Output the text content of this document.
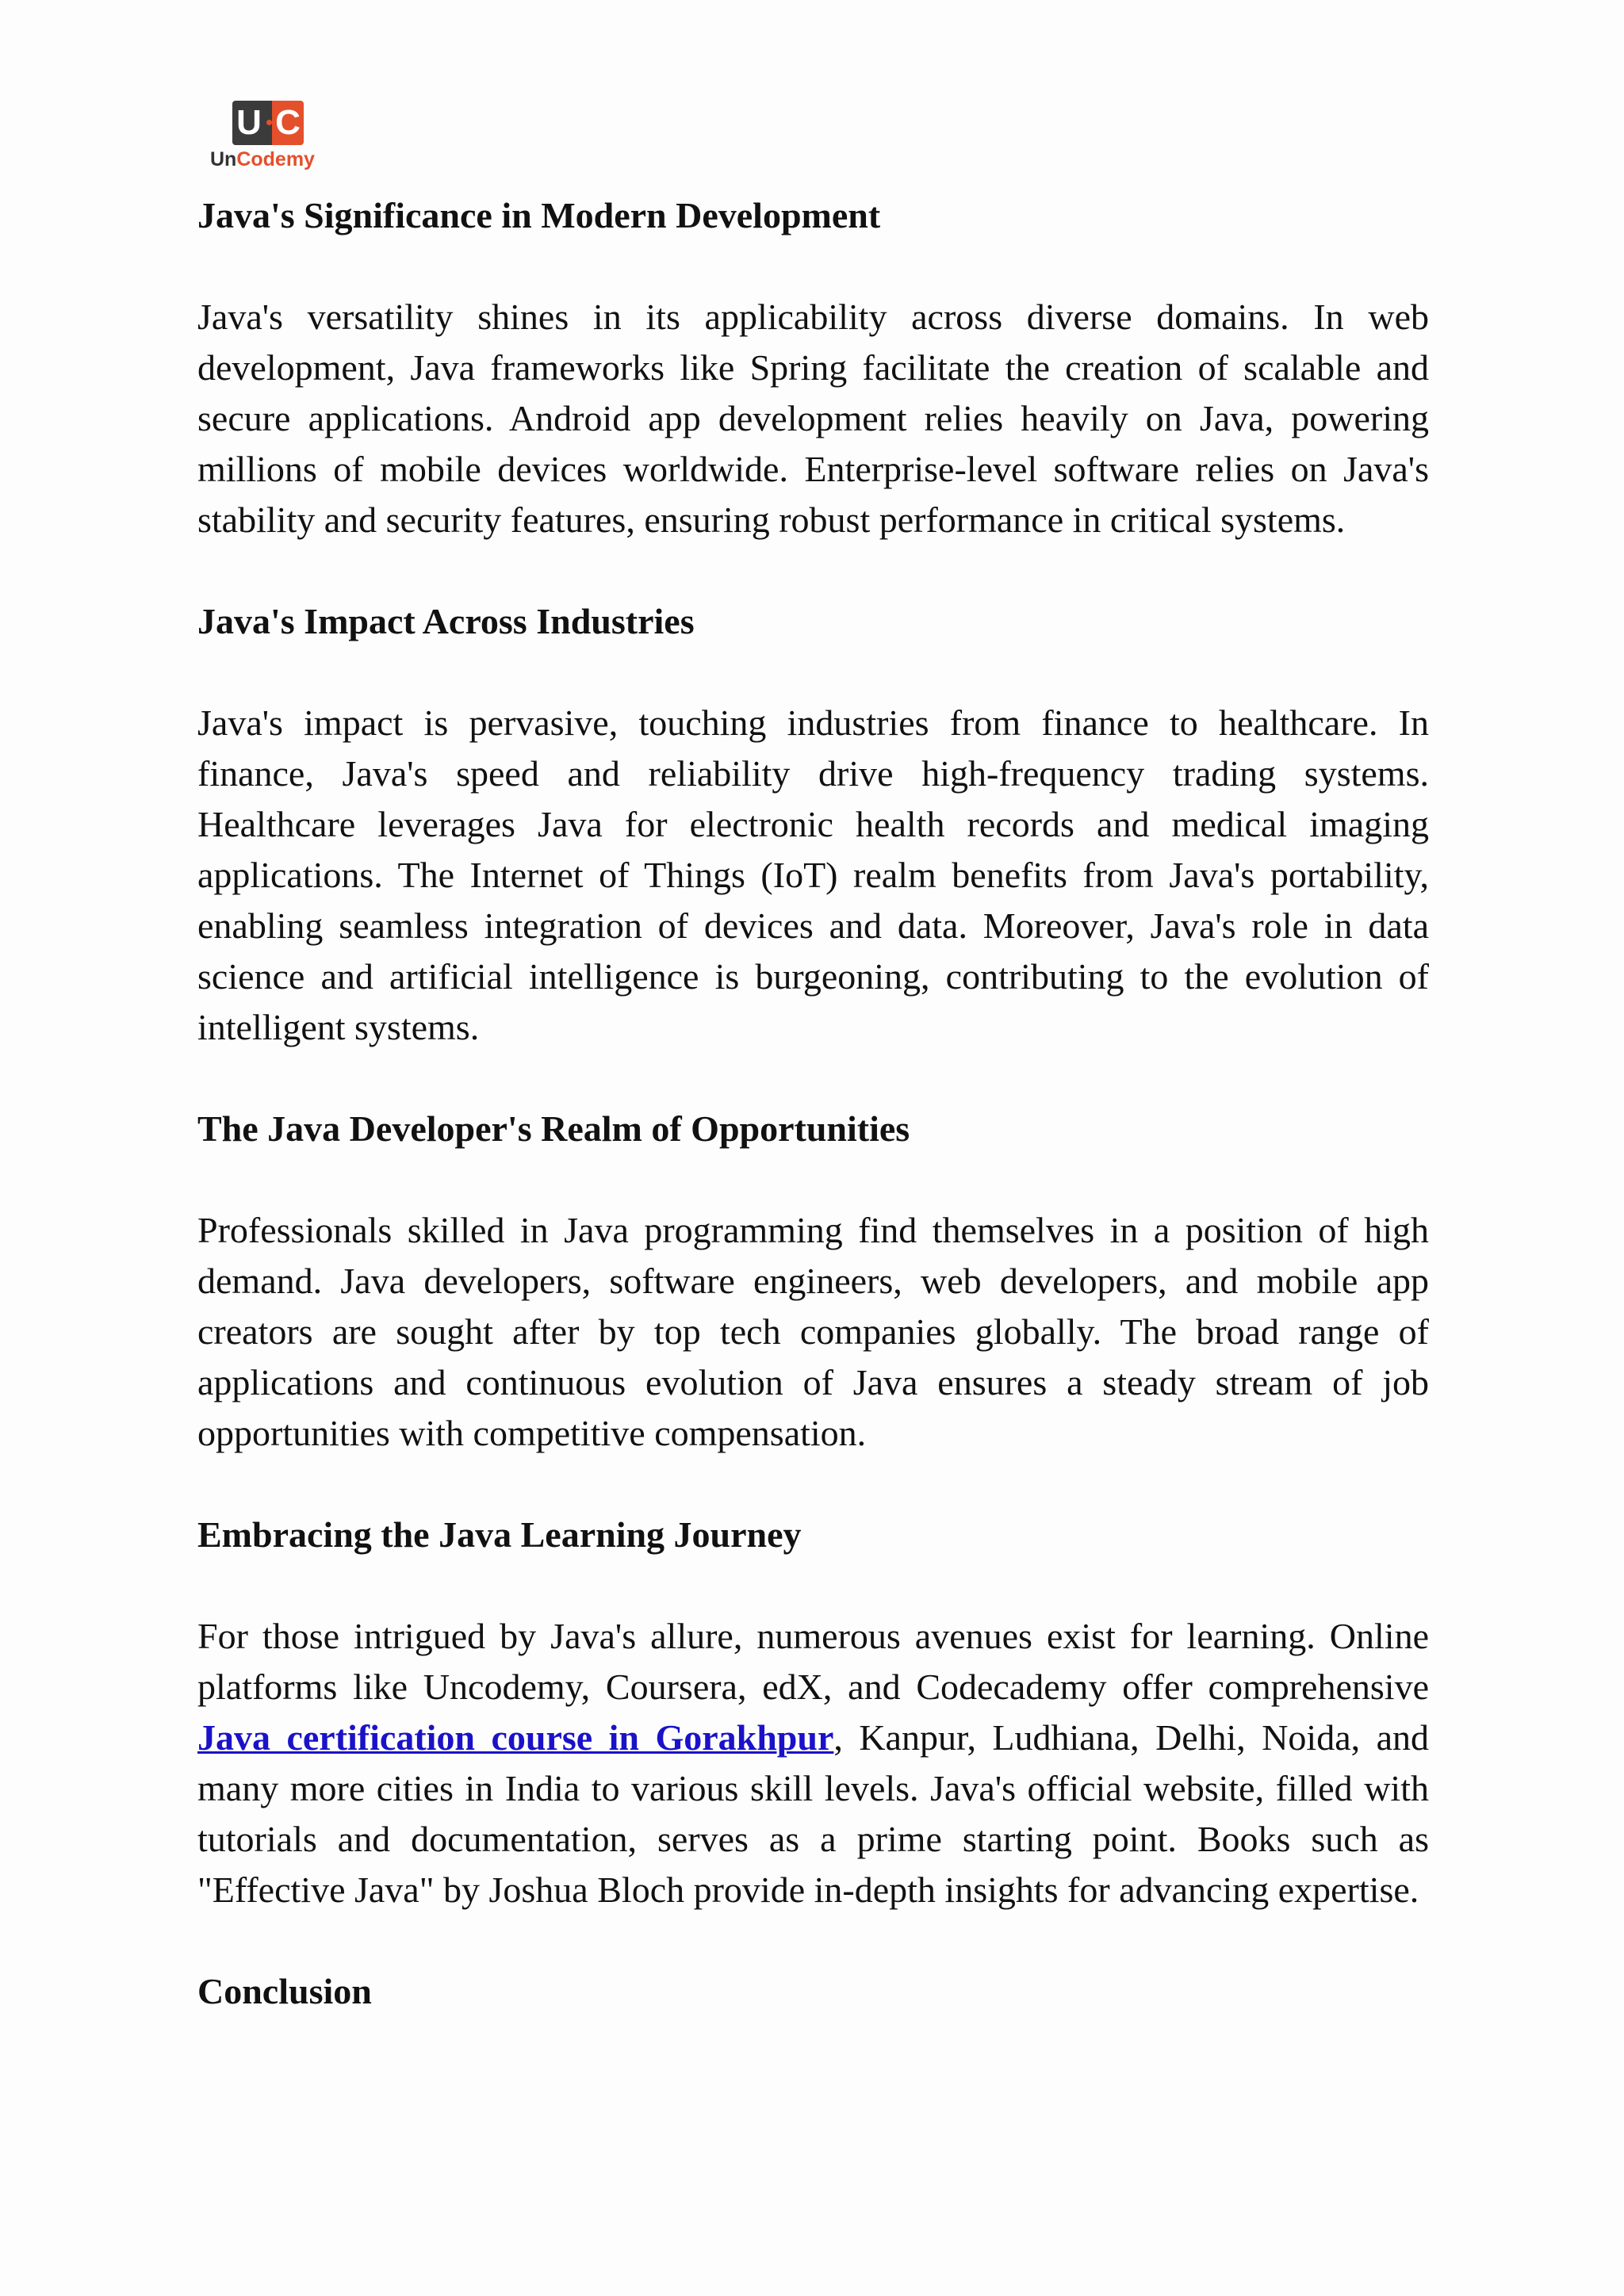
U C
UnCodemy
Java's Significance in Modern Development

Java's versatility shines in its applicability across diverse domains. In web development, Java frameworks like Spring facilitate the creation of scalable and secure applications. Android app development relies heavily on Java, powering millions of mobile devices worldwide. Enterprise-level software relies on Java's stability and security features, ensuring robust performance in critical systems.

Java's Impact Across Industries

Java's impact is pervasive, touching industries from finance to healthcare. In finance, Java's speed and reliability drive high-frequency trading systems. Healthcare leverages Java for electronic health records and medical imaging applications. The Internet of Things (IoT) realm benefits from Java's portability, enabling seamless integration of devices and data. Moreover, Java's role in data science and artificial intelligence is burgeoning, contributing to the evolution of intelligent systems.

The Java Developer's Realm of Opportunities

Professionals skilled in Java programming find themselves in a position of high demand. Java developers, software engineers, web developers, and mobile app creators are sought after by top tech companies globally. The broad range of applications and continuous evolution of Java ensures a steady stream of job opportunities with competitive compensation.

Embracing the Java Learning Journey

For those intrigued by Java's allure, numerous avenues exist for learning. Online platforms like Uncodemy, Coursera, edX, and Codecademy offer comprehensive Java certification course in Gorakhpur, Kanpur, Ludhiana, Delhi, Noida, and many more cities in India to various skill levels. Java's official website, filled with tutorials and documentation, serves as a prime starting point. Books such as "Effective Java" by Joshua Bloch provide in-depth insights for advancing expertise.

Conclusion
